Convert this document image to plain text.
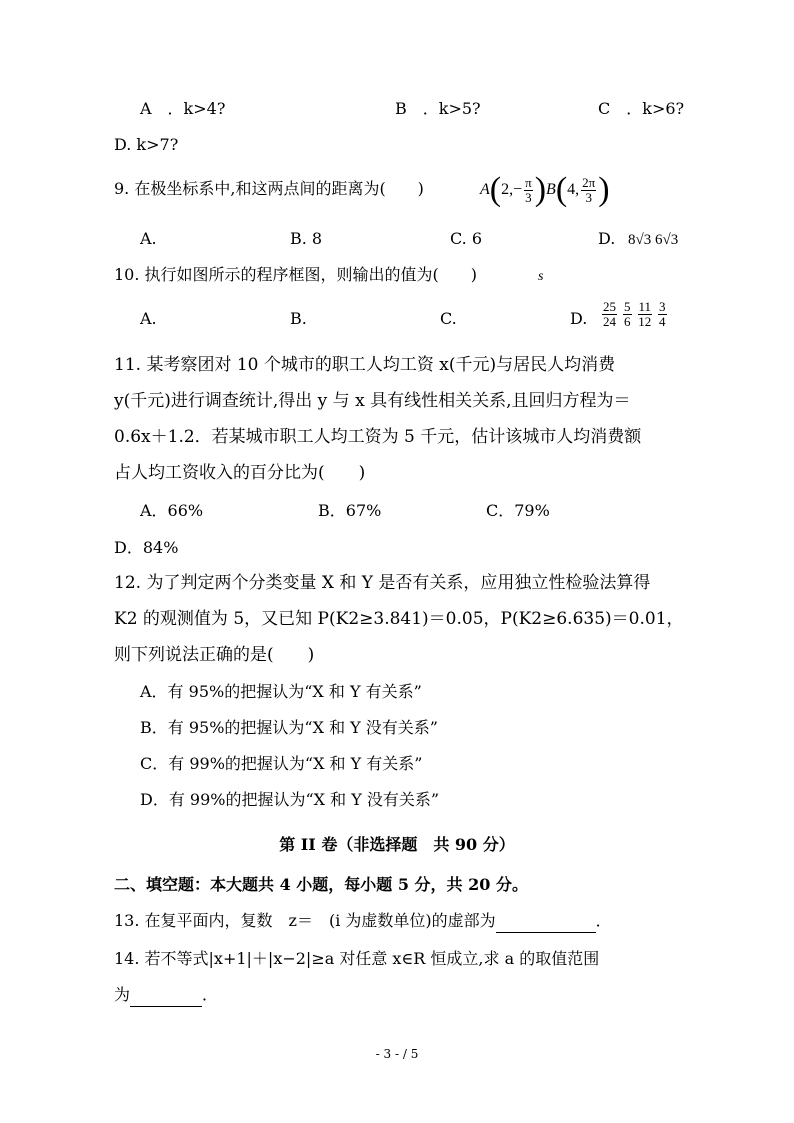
A　．k>4?	B　．k>5?	C　．k>6?
D. k>7?
9. 在极坐标系中,和这两点间的距离为(　　)	A ( $2,- \frac{\pi}{3}$ ) B ( 4, $\frac{2\pi}{3}$ )
A.	B. 8	C. 6	D. 8√3 6√3
10. 执行如图所示的程序框图，则输出的值为(　　)	s
A.	B.	C.	D. $\frac{25}{24} \frac{5}{6} \frac{11}{12} \frac{3}{4}$
11. 某考察团对 10 个城市的职工人均工资 x(千元)与居民人均消费
y(千元)进行调查统计,得出 y 与 x 具有线性相关关系,且回归方程为＝
0.6x＋1.2．若某城市职工人均工资为 5 千元，估计该城市人均消费额
占人均工资收入的百分比为(　　)
A．66%	B．67%	C．79%
D．84%
12. 为了判定两个分类变量 X 和 Y 是否有关系，应用独立性检验法算得
K2 的观测值为 5，又已知 P(K2≥3.841)＝0.05，P(K2≥6.635)＝0.01，
则下列说法正确的是(　　)
A．有 95%的把握认为“X 和 Y 有关系”
B．有 95%的把握认为“X 和 Y 没有关系”
C．有 99%的把握认为“X 和 Y 有关系”
D．有 99%的把握认为“X 和 Y 没有关系”
第 II 卷（非选择题　共 90 分）
二、填空题：本大题共 4 小题，每小题 5 分，共 20 分。
13. 在复平面内，复数　z＝　(i 为虚数单位)的虚部为	．
14. 若不等式|x+1|＋|x−2|≥a 对任意 x∈R 恒成立,求 a 的取值范围
为	．
- 3 - / 5
